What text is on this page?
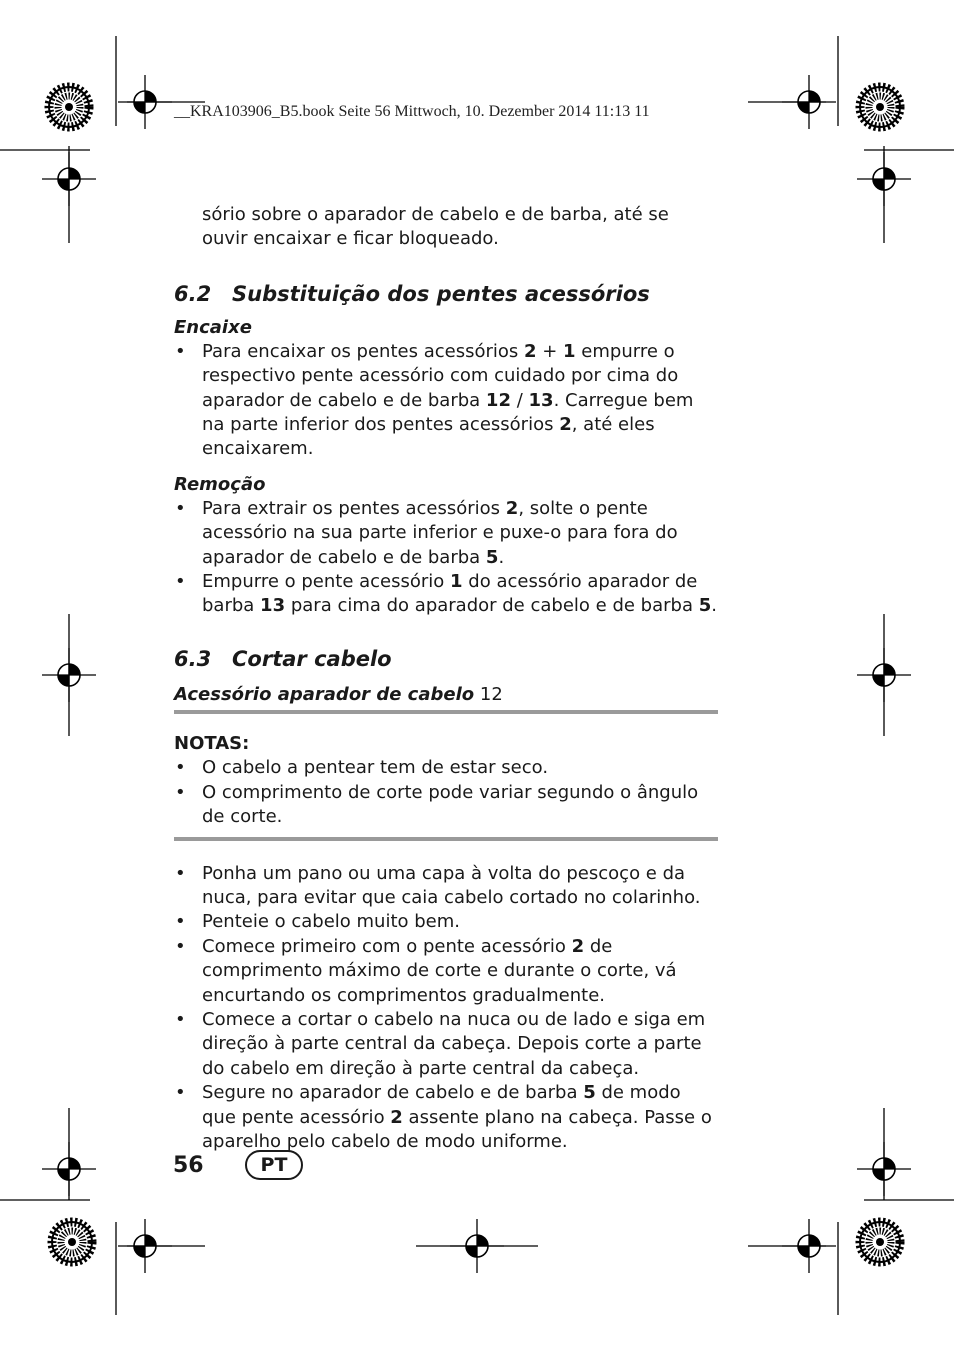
__KRA103906_B5.book Seite 56 Mittwoch, 10. Dezember 2014 11:13 11

sório sobre o aparador de cabelo e de barba, até se ouvir encaixar e ficar bloqueado.

6.2 Substituição dos pentes acessórios
Encaixe
• Para encaixar os pentes acessórios 2 + 1 empurre o respectivo pente acessório com cuidado por cima do aparador de cabelo e de barba 12 / 13. Carregue bem na parte inferior dos pentes acessórios 2, até eles encaixarem.
Remoção
• Para extrair os pentes acessórios 2, solte o pente acessório na sua parte inferior e puxe-o para fora do aparador de cabelo e de barba 5.
• Empurre o pente acessório 1 do acessório aparador de barba 13 para cima do aparador de cabelo e de barba 5.
6.3 Cortar cabelo
Acessório aparador de cabelo 12

NOTAS:

• O cabelo a pentear tem de estar seco.
• O comprimento de corte pode variar segundo o ângulo de corte.
• Ponha um pano ou uma capa à volta do pescoço e da nuca, para evitar que caia cabelo cortado no colarinho.
• Penteie o cabelo muito bem.
• Comece primeiro com o pente acessório 2 de comprimento máximo de corte e durante o corte, vá encurtando os comprimentos gradualmente.
• Comece a cortar o cabelo na nuca ou de lado e siga em direção à parte central da cabeça. Depois corte a parte do cabelo em direção à parte central da cabeça.
• Segure no aparador de cabelo e de barba 5 de modo que pente acessório 2 assente plano na cabeça. Passe o aparelho pelo cabelo de modo uniforme.
56	PT
